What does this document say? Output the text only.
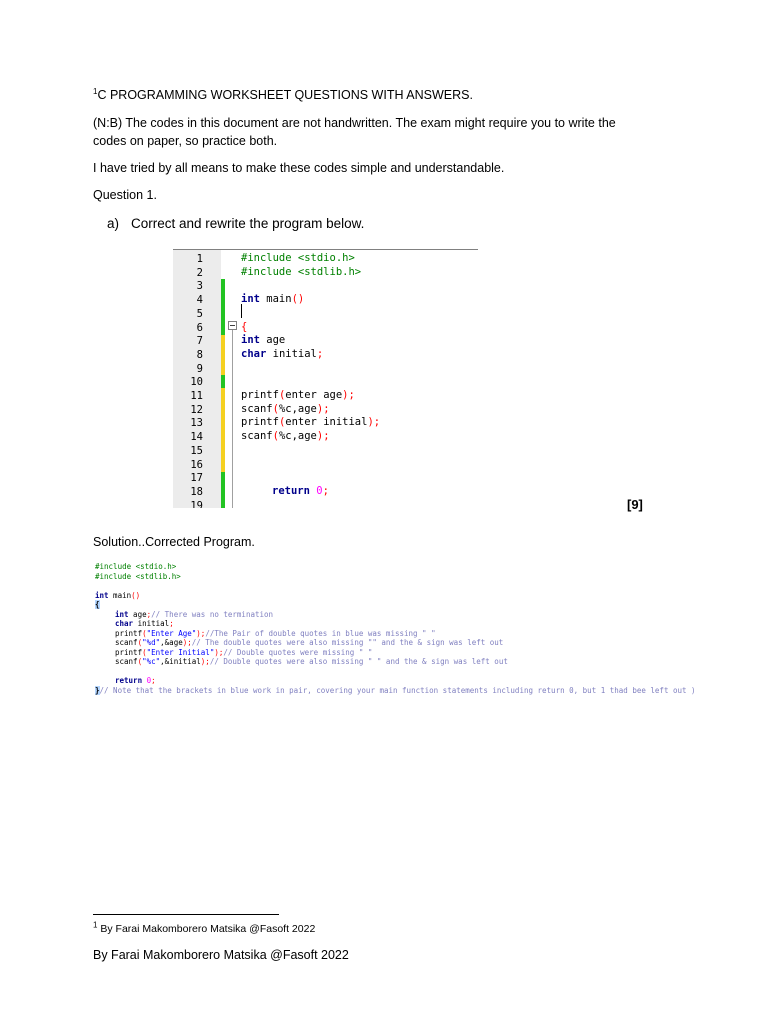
$^1$C PROGRAMMING WORKSHEET QUESTIONS WITH ANSWERS.
(N:B) The codes in this document are not handwritten. The exam might require you to write the
codes on paper, so practice both.
I have tried by all means to make these codes simple and understandable.
Question 1.
a) Correct and rewrite the program below.
1
2
3
4
5
6
7
8
9
10
11
12
13
14
15
16
17
18
19
#include <stdio.h>
#include <stdlib.h>
int main()
{
int age
char initial;
printf(enter age);
scanf(%c,age);
printf(enter initial);
scanf(%c,age);
return 0;
[9]
Solution..Corrected Program.
#include <stdio.h>
#include <stdlib.h>
int main()
{
int age;// There was no termination
char initial;
printf("Enter Age");//The Pair of double quotes in blue was missing " "
scanf("%d",&age);// The double quotes were also missing "" and the & sign was left out
printf("Enter Initial");// Double quotes were missing " "
scanf("%c",&initial);// Double quotes were also missing " " and the & sign was left out
return 0;
}// Note that the brackets in blue work in pair, covering your main function statements including return 0, but 1 thad bee left out )
$^1$ By Farai Makomborero Matsika @Fasoft 2022
By Farai Makomborero Matsika @Fasoft 2022
